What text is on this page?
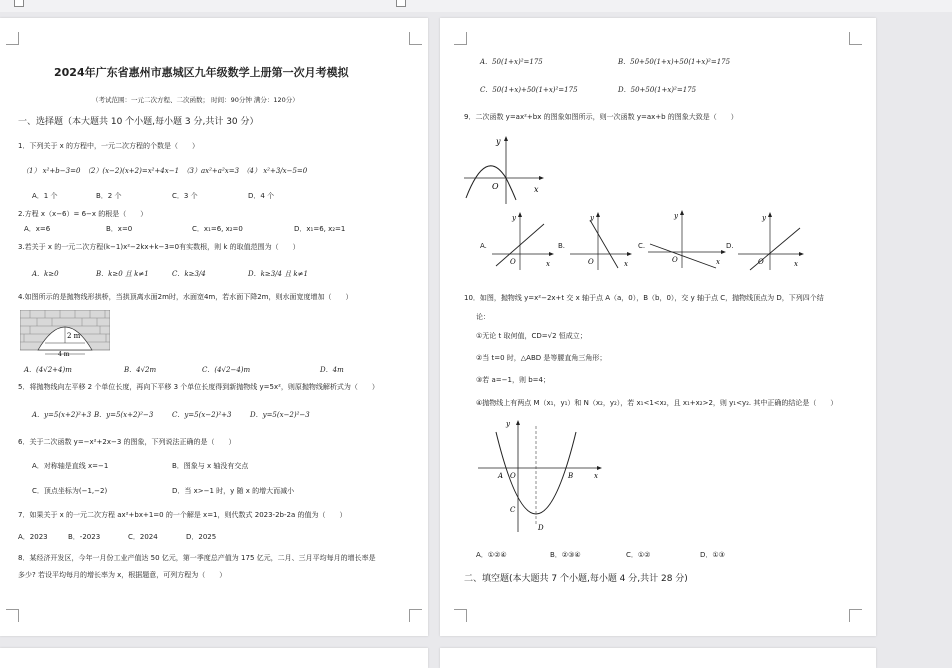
2024年广东省惠州市惠城区九年级数学上册第一次月考模拟
（考试范围：一元二次方程、二次函数； 时间：90分钟 满分：120分）
一、选择题（本大题共 10 个小题,每小题 3 分,共计 30 分）
1．下列关于 x 的方程中，一元二次方程的个数是（　　）
（1） x²+b−3=0　（2）(x−2)(x+2)=x²+4x−1　（3）ax²+a²x=3　（4） x²+3/x−5=0
A．1 个	B．2 个	C．3 个	D．4 个
2.方程 x（x−6）= 6−x 的根是（　　）
A．x=6	B．x=0	C．x₁=6, x₂=0	D．x₁=6, x₂=1
3.若关于 x 的一元二次方程(k−1)x²−2kx+k−3=0有实数根，则 k 的取值范围为（　　）
A．k≥0	B．k≥0 且 k≠1	C．k≥3/4	D．k≥3/4 且 k≠1
4.如图所示的是抛物线形拱桥，当拱顶离水面2m时，水面宽4m，若水面下降2m，则水面宽度增加（　　）
2 m
4 m
A．(4√2+4)m	B．4√2m	C．(4√2−4)m	D．4m
5．将抛物线向左平移 2 个单位长度，再向下平移 3 个单位长度得到新抛物线 y=5x²，则原抛物线解析式为（　　）
A．y=5(x+2)²+3 B．y=5(x+2)²−3	C．y=5(x−2)²+3	D．y=5(x−2)²−3
6．关于二次函数 y=−x²+2x−3 的图象，下列说法正确的是（　　）
A．对称轴是直线 x=−1	B．图象与 x 轴没有交点
C．顶点坐标为(−1,−2)	D．当 x>−1 时，y 随 x 的增大而减小
7．如果关于 x 的一元二次方程 ax²+bx+1=0 的一个解是 x=1，则代数式 2023-2b-2a 的值为（　　）
A．2023	B．-2023	C．2024	D．2025
8．某经济开发区，今年一月份工业产值达 50 亿元，第一季度总产值为 175 亿元，二月、三月平均每月的增长率是
多少? 若设平均每月的增长率为 x，根据题意，可列方程为（　　）
A．50(1+x)²=175	B．50+50(1+x)+50(1+x)²=175
C．50(1+x)+50(1+x)²=175	D．50+50(1+x)²=175
9．二次函数 y=ax²+bx 的图象如图所示，则一次函数 y=ax+b 的图象大致是（　　）
y
O	x
A.
y
O	x
B.
y
O	x
C.
y
O	x
D.
y
O	x
10．如图，抛物线 y=x²−2x+t 交 x 轴于点 A（a，0），B（b，0），交 y 轴于点 C，抛物线顶点为 D，下列四个结
论：
①无论 t 取何值，CD=√2 恒成立；
②当 t=0 时，△ABD 是等腰直角三角形；
③若 a=−1，则 b=4；
④抛物线上有两点 M（x₁，y₁）和 N（x₂，y₂），若 x₁<1<x₂，且 x₁+x₂>2，则 y₁<y₂. 其中正确的结论是（　　）
y
O
A	B
C
D
x
A．①②④	B．②③④	C．①②	D．①③
二、填空题(本大题共 7 个小题,每小题 4 分,共计 28 分)
